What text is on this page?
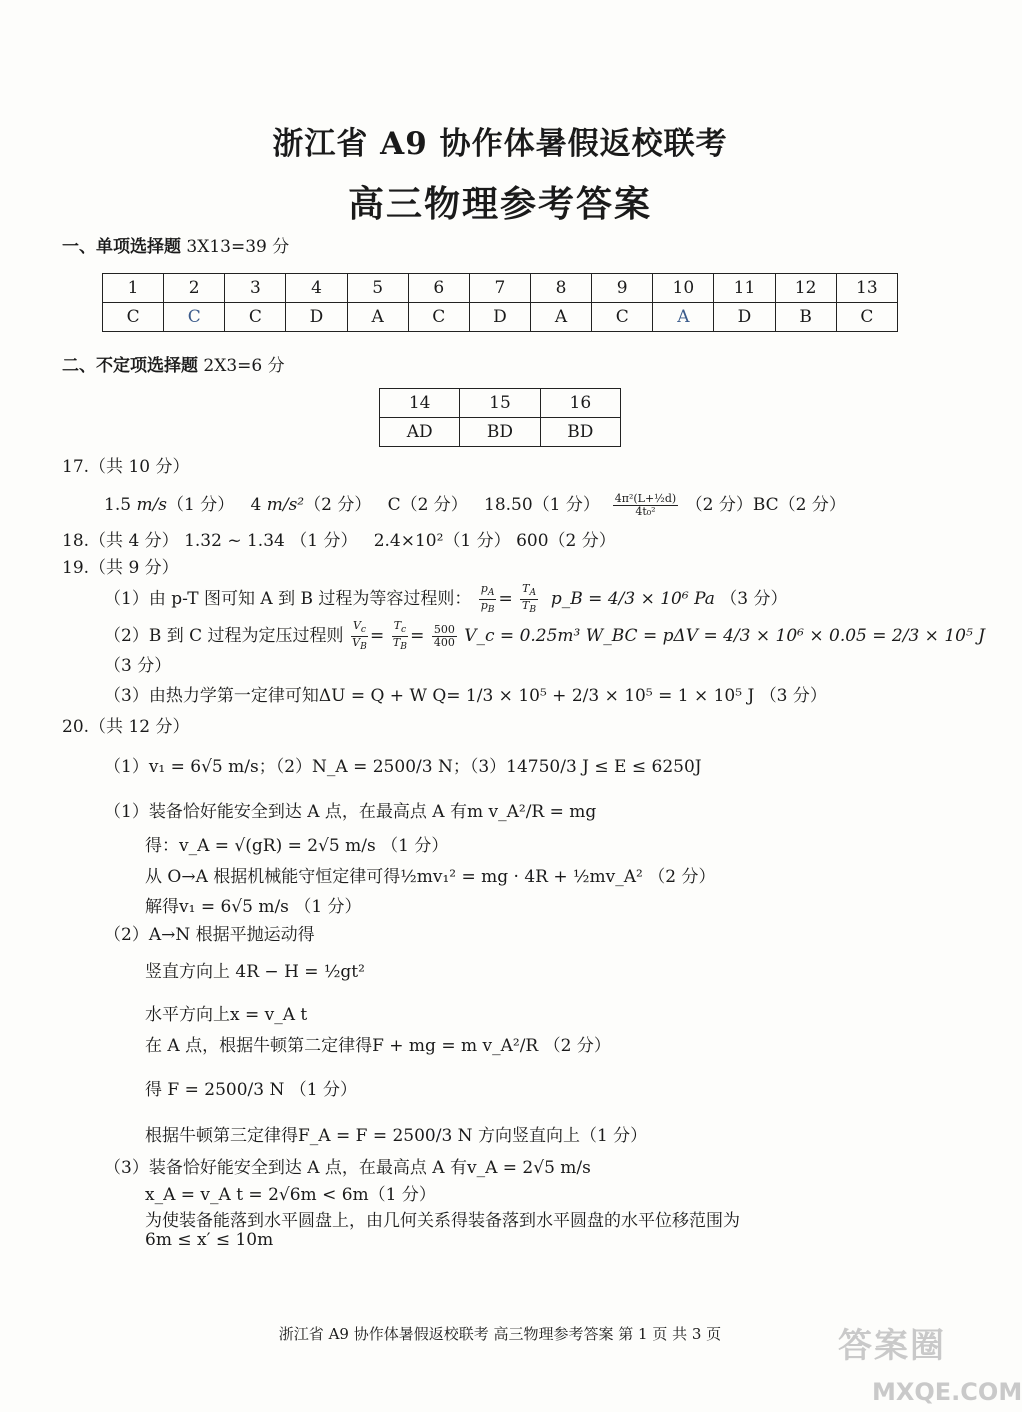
浙江省 A9 协作体暑假返校联考
高三物理参考答案
一、单项选择题 3X13=39 分
1	2	3	4	5	6	7	8	9	10	11	12	13
C	C	C	D	A	C	D	A	C	A	D	B	C
二、不定项选择题 2X3=6 分
14	15	16
AD	BD	BD
17.（共 10 分）
1.5 m/s（1 分） 4 m/s²（2 分） C（2 分） 18.50（1 分） $\frac{\text{4π²(L+½d)}}{\text{4t₀²}} (2$ 分）BC（2 分）
18.（共 4 分） 1.32 ~ 1.34 （1 分） 2.4×10²（1 分） 600（2 分）
19.（共 9 分）
（1）由 p-T 图可知 A 到 B 过程为等容过程则： $\frac{p_A}{p_B} = \frac{T_A}{T_B}$ p_B = 4/3 × 10⁶ Pa （3 分）
（2）B 到 C 过程为定压过程则 $\frac{V_c}{V_B} = \frac{T_c}{T_B} = 500$
400 V_c = 0.25m³ W_BC = pΔV = 4/3 × 10⁶ × 0.05 = 2/3 × 10⁵ J
（3 分）
（3）由热力学第一定律可知ΔU = Q + W Q= 1/3 × 10⁵ + 2/3 × 10⁵ = 1 × 10⁵ J （3 分）
20.（共 12 分）
（1）v₁ = 6√5 m/s；（2）N_A = 2500/3 N；（3）14750/3 J ≤ E ≤ 6250J
（1）装备恰好能安全到达 A 点，在最高点 A 有m v_A²/R = mg
得：v_A = √(gR) = 2√5 m/s （1 分）
从 O→A 根据机械能守恒定律可得½mv₁² = mg · 4R + ½mv_A² （2 分）
解得v₁ = 6√5 m/s （1 分）
（2）A→N 根据平抛运动得
竖直方向上 4R − H = ½gt²
水平方向上x = v_A t
在 A 点，根据牛顿第二定律得F + mg = m v_A²/R （2 分）
得 F = 2500/3 N （1 分）
根据牛顿第三定律得F_A = F = 2500/3 N 方向竖直向上（1 分）
（3）装备恰好能安全到达 A 点，在最高点 A 有v_A = 2√5 m/s
x_A = v_A t = 2√6m < 6m（1 分）
为使装备能落到水平圆盘上，由几何关系得装备落到水平圆盘的水平位移范围为
6m ≤ x′ ≤ 10m
浙江省 A9 协作体暑假返校联考 高三物理参考答案 第 1 页 共 3 页	答案圈
MXQE.COM
